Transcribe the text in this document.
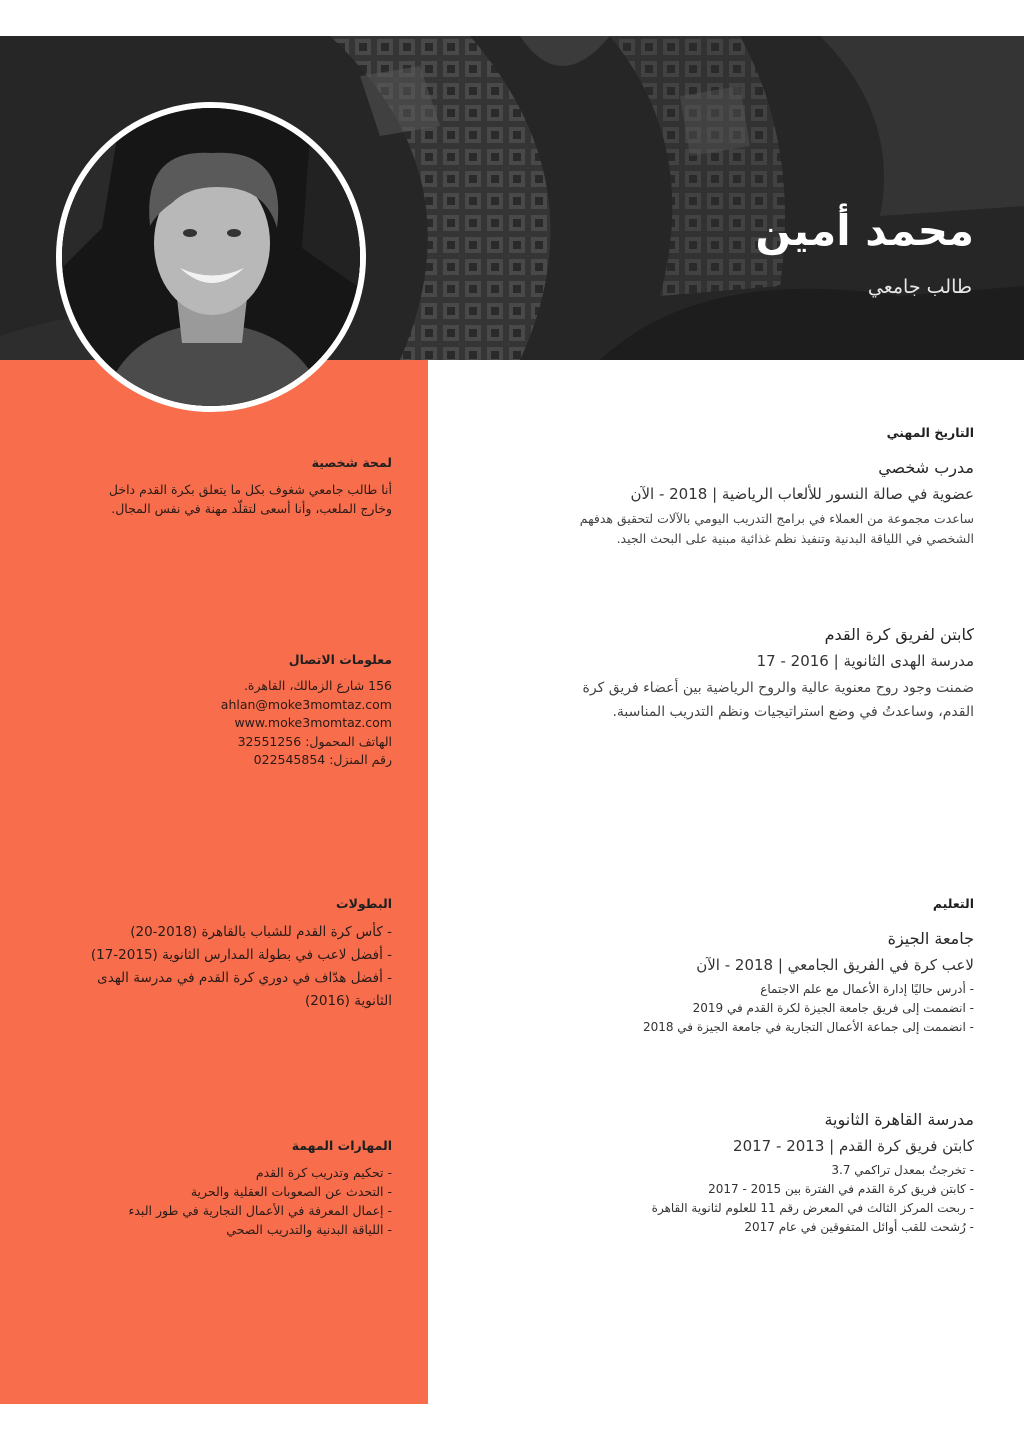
محمد أمين
طالب جامعي
لمحة شخصية

أنا طالب جامعي شغوف بكل ما يتعلق بكرة القدم داخل
وخارج الملعب، وأنا أسعى لتقلّد مهنة في نفس المجال.

معلومات الاتصال
156 شارع الزمالك، القاهرة.
ahlan@moke3momtaz.com
www.moke3momtaz.com
الهاتف المحمول: 32551256
رقم المنزل: 022545854
البطولات
- كأس كرة القدم للشباب بالقاهرة (2018-20)
- أفضل لاعب في بطولة المدارس الثانوية (2015-17)
- أفضل هدّاف في دوري كرة القدم في مدرسة الهدى
الثانوية (2016)
المهارات المهمة
- تحكيم وتدريب كرة القدم
- التحدث عن الصعوبات العقلية والحرية
- إعمال المعرفة في الأعمال التجارية في طور البدء
- اللياقة البدنية والتدريب الصحي
التاريخ المهني
مدرب شخصي
عضوية في صالة النسور للألعاب الرياضية | 2018 - الآن

ساعدت مجموعة من العملاء في برامج التدريب اليومي بالآلات لتحقيق هدفهم
الشخصي في اللياقة البدنية وتنفيذ نظم غذائية مبنية على البحث الجيد.

كابتن لفريق كرة القدم
مدرسة الهدى الثانوية | 2016 - 17

ضمنت وجود روح معنوية عالية والروح الرياضية بين أعضاء فريق كرة
القدم، وساعدتُ في وضع استراتيجيات ونظم التدريب المناسبة.

التعليم
جامعة الجيزة
لاعب كرة في الفريق الجامعي | 2018 - الآن
- أدرس حاليًا إدارة الأعمال مع علم الاجتماع
- انضممت إلى فريق جامعة الجيزة لكرة القدم في 2019
- انضممت إلى جماعة الأعمال التجارية في جامعة الجيزة في 2018
مدرسة القاهرة الثانوية
كابتن فريق كرة القدم | 2013 - 2017
- تخرجتُ بمعدل تراكمي 3.7
- كابتن فريق كرة القدم في الفترة بين 2015 - 2017
- ربحت المركز الثالث في المعرض رقم 11 للعلوم لثانوية القاهرة
- رُشحت للقب أوائل المتفوقين في عام 2017
